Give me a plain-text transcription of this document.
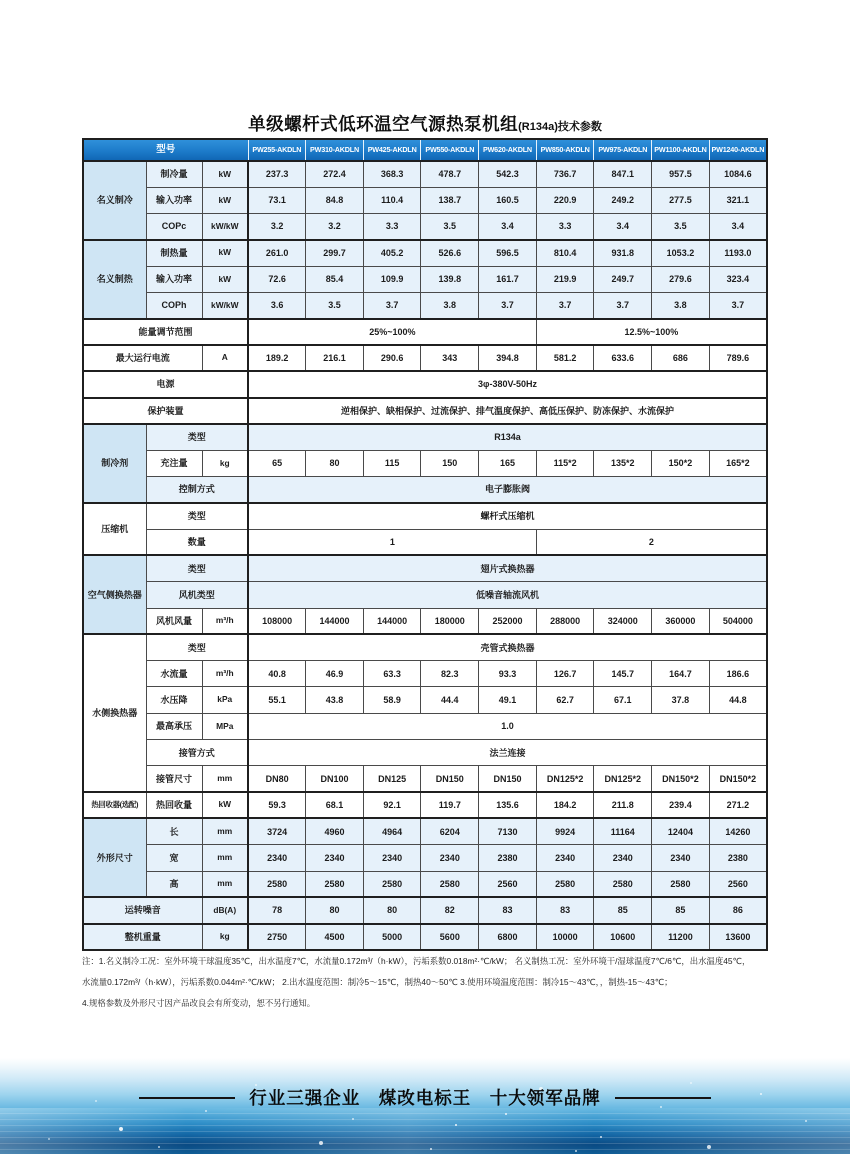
单级螺杆式低环温空气源热泵机组(R134a)技术参数
型号			PW255-AKDLN	PW310-AKDLN	PW425-AKDLN	PW550-AKDLN	PW620-AKDLN	PW850-AKDLN	PW975-AKDLN	PW1100-AKDLN	PW1240-AKDLN
名义制冷	制冷量	kW	237.3	272.4	368.3	478.7	542.3	736.7	847.1	957.5	1084.6
	输入功率	kW	73.1	84.8	110.4	138.7	160.5	220.9	249.2	277.5	321.1
	COPc	kW/kW	3.2	3.2	3.3	3.5	3.4	3.3	3.4	3.5	3.4
名义制热	制热量	kW	261.0	299.7	405.2	526.6	596.5	810.4	931.8	1053.2	1193.0
	输入功率	kW	72.6	85.4	109.9	139.8	161.7	219.9	249.7	279.6	323.4
	COPh	kW/kW	3.6	3.5	3.7	3.8	3.7	3.7	3.7	3.8	3.7
能量调节范围			25%~100%					12.5%~100%			
最大运行电流		A	189.2	216.1	290.6	343	394.8	581.2	633.6	686	789.6
电源			3φ-380V-50Hz								
保护装置			逆相保护、缺相保护、过流保护、排气温度保护、高低压保护、防冻保护、水流保护								
制冷剂	类型		R134a								
	充注量	kg	65	80	115	150	165	115*2	135*2	150*2	165*2
	控制方式		电子膨胀阀								
压缩机	类型		螺杆式压缩机								
	数量		1					2			
空气侧换热器	类型		翅片式换热器								
	风机类型		低噪音轴流风机								
	风机风量	m³/h	108000	144000	144000	180000	252000	288000	324000	360000	504000
水侧换热器	类型		壳管式换热器								
	水流量	m³/h	40.8	46.9	63.3	82.3	93.3	126.7	145.7	164.7	186.6
	水压降	kPa	55.1	43.8	58.9	44.4	49.1	62.7	67.1	37.8	44.8
	最高承压	MPa	1.0								
	接管方式		法兰连接								
	接管尺寸	mm	DN80	DN100	DN125	DN150	DN150	DN125*2	DN125*2	DN150*2	DN150*2
热回收器(选配)	热回收量	kW	59.3	68.1	92.1	119.7	135.6	184.2	211.8	239.4	271.2
外形尺寸	长	mm	3724	4960	4964	6204	7130	9924	11164	12404	14260
	宽	mm	2340	2340	2340	2340	2380	2340	2340	2340	2380
	高	mm	2580	2580	2580	2580	2560	2580	2580	2580	2560
运转噪音		dB(A)	78	80	80	82	83	83	85	85	86
整机重量		kg	2750	4500	5000	5600	6800	10000	10600	11200	13600
注：1.名义制冷工况：室外环境干球温度35℃，出水温度7℃，水流量0.172m³/（h·kW），污垢系数0.018m²·℃/kW； 名义制热工况：室外环境干/湿球温度7℃/6℃，出水温度45℃，
水流量0.172m³/（h·kW），污垢系数0.044m²·℃/kW； 2.出水温度范围：制冷5～15℃，制热40～50℃ 3.使用环境温度范围：制冷15～43℃，，制热-15～43℃；
4.规格参数及外形尺寸因产品改良会有所变动，恕不另行通知。
行业三强企业　煤改电标王　十大领军品牌
